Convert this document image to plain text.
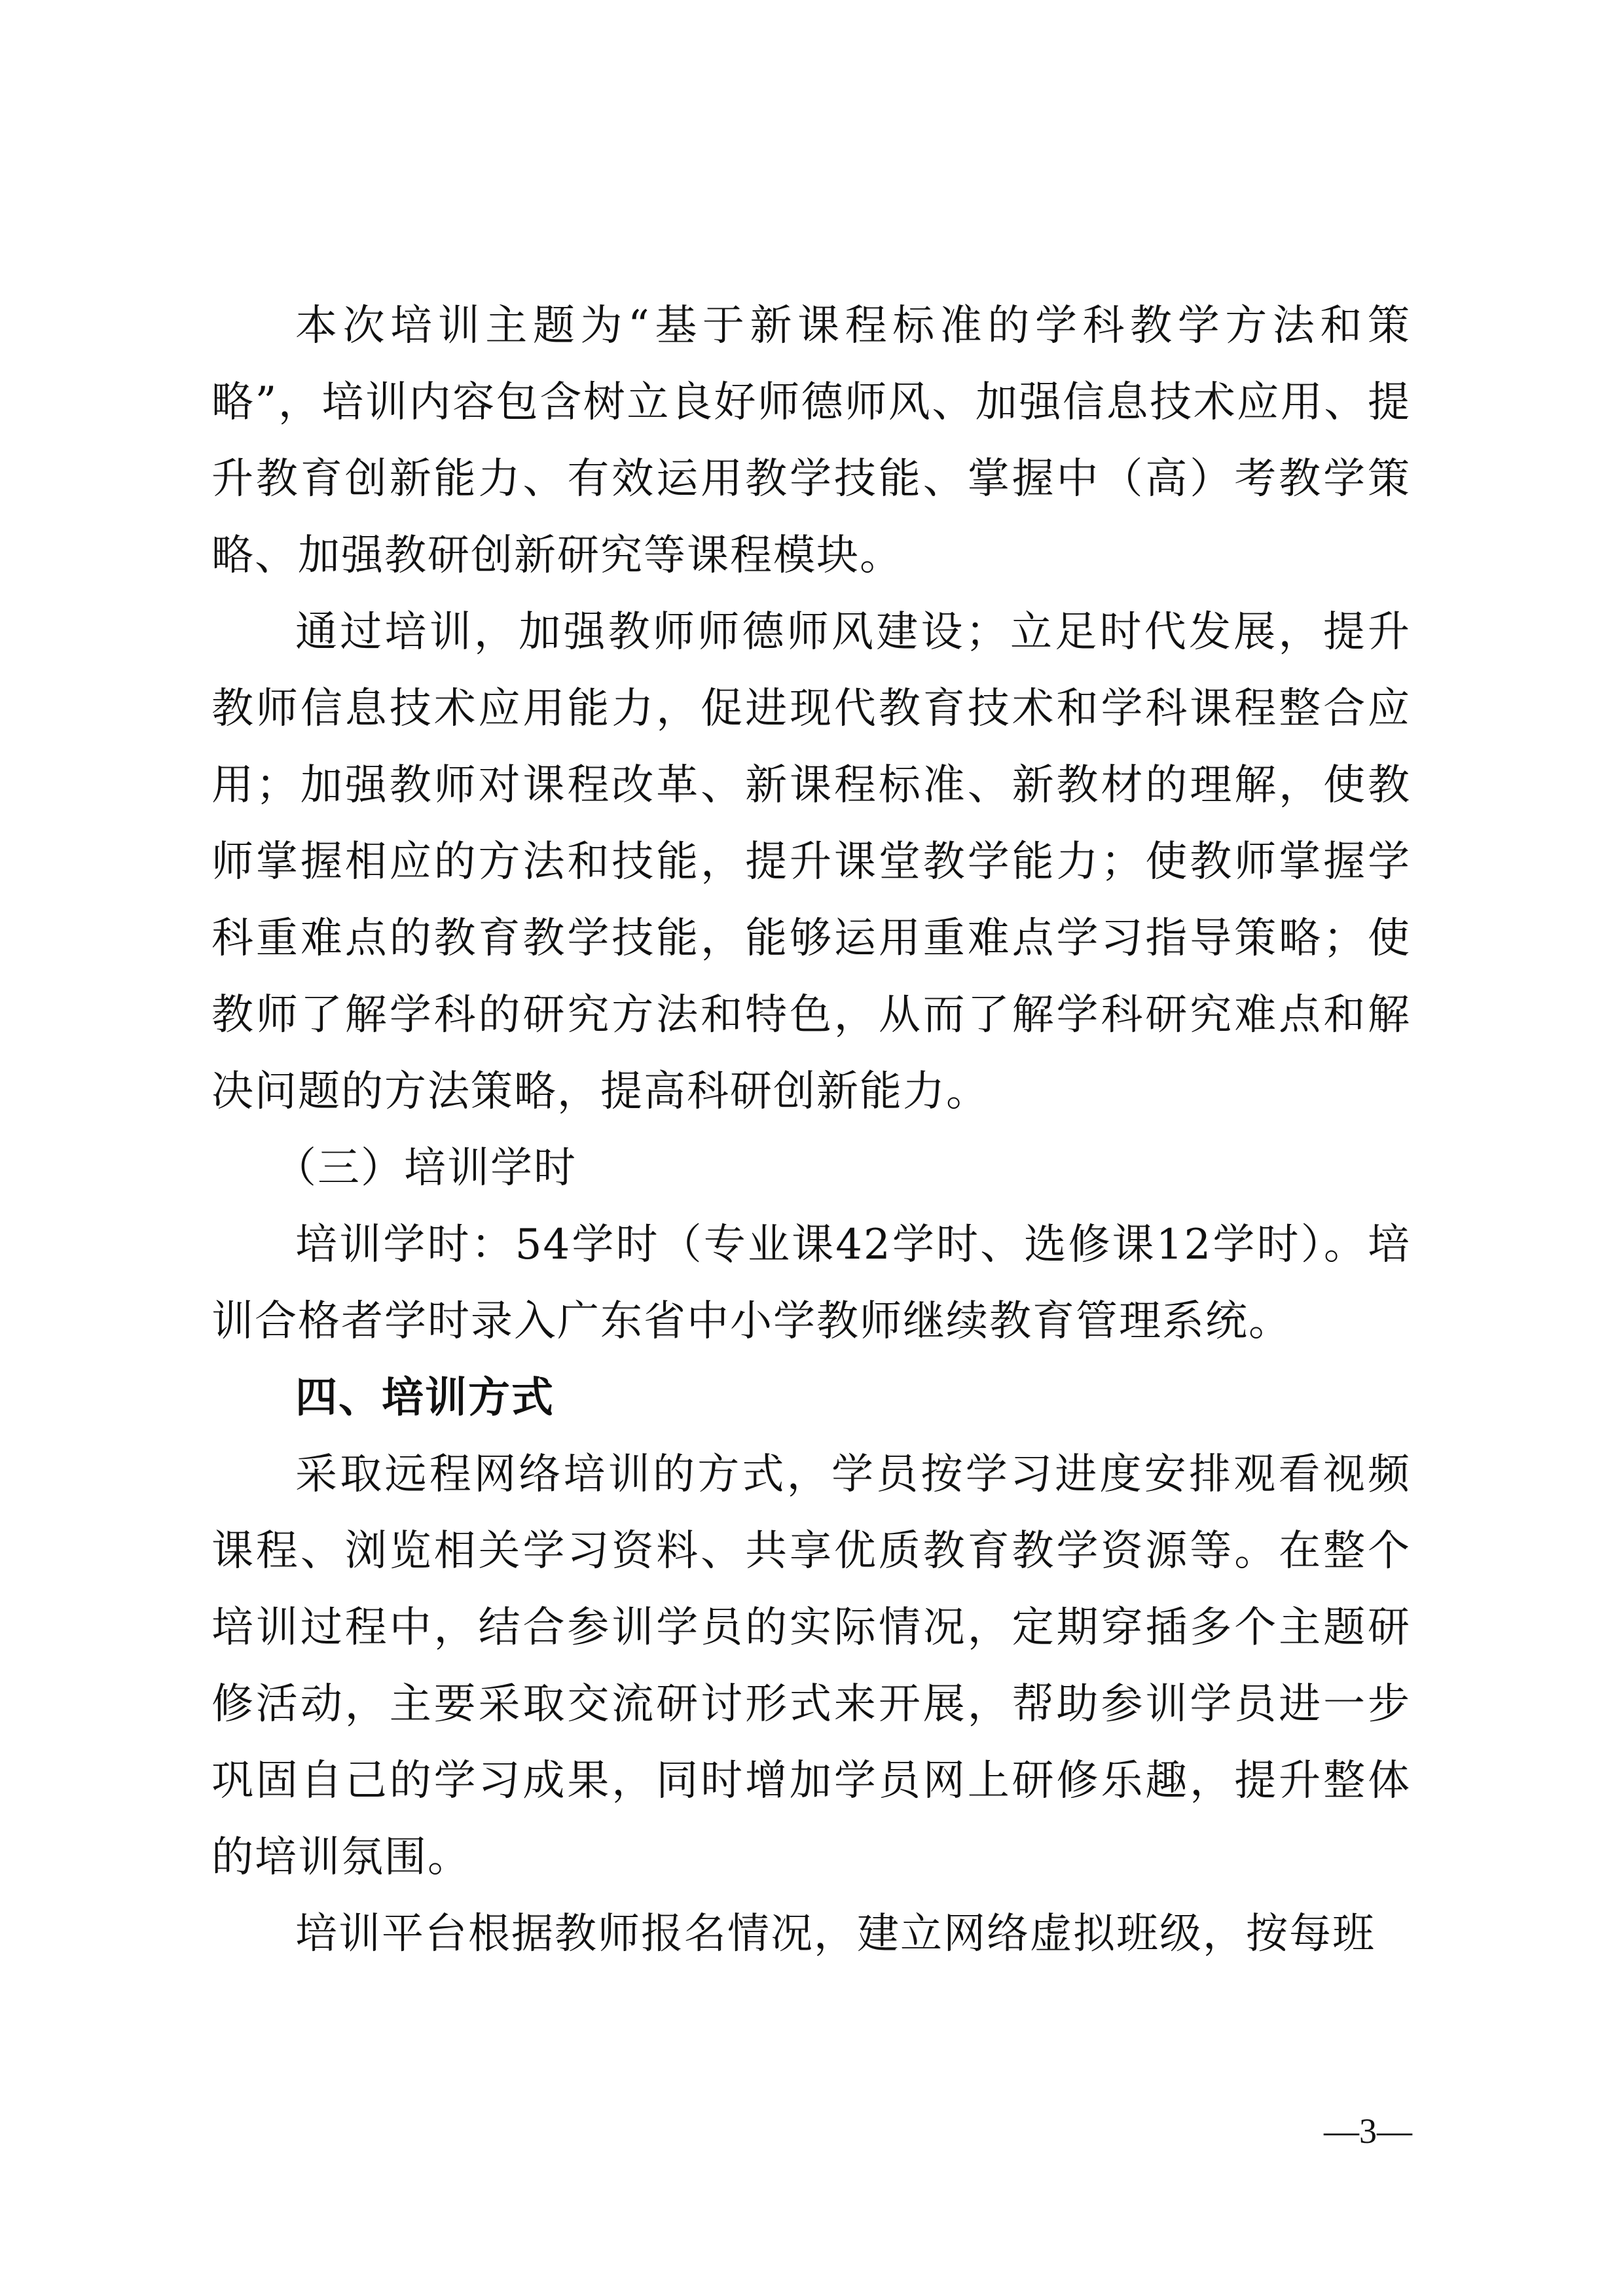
本次培训主题为“基于新课程标准的学科教学方法和策略”，培训内容包含树立良好师德师风、加强信息技术应用、提升教育创新能力、有效运用教学技能、掌握中（高）考教学策略、加强教研创新研究等课程模块。

通过培训，加强教师师德师风建设；立足时代发展，提升教师信息技术应用能力，促进现代教育技术和学科课程整合应用；加强教师对课程改革、新课程标准、新教材的理解，使教师掌握相应的方法和技能，提升课堂教学能力；使教师掌握学科重难点的教育教学技能，能够运用重难点学习指导策略；使教师了解学科的研究方法和特色，从而了解学科研究难点和解决问题的方法策略，提高科研创新能力。

（三）培训学时

培训学时：54学时（专业课42学时、选修课12学时）。培训合格者学时录入广东省中小学教师继续教育管理系统。

四、培训方式

采取远程网络培训的方式，学员按学习进度安排观看视频课程、浏览相关学习资料、共享优质教育教学资源等。在整个培训过程中，结合参训学员的实际情况，定期穿插多个主题研修活动，主要采取交流研讨形式来开展，帮助参训学员进一步巩固自己的学习成果，同时增加学员网上研修乐趣，提升整体的培训氛围。

培训平台根据教师报名情况，建立网络虚拟班级，按每班

—3—
